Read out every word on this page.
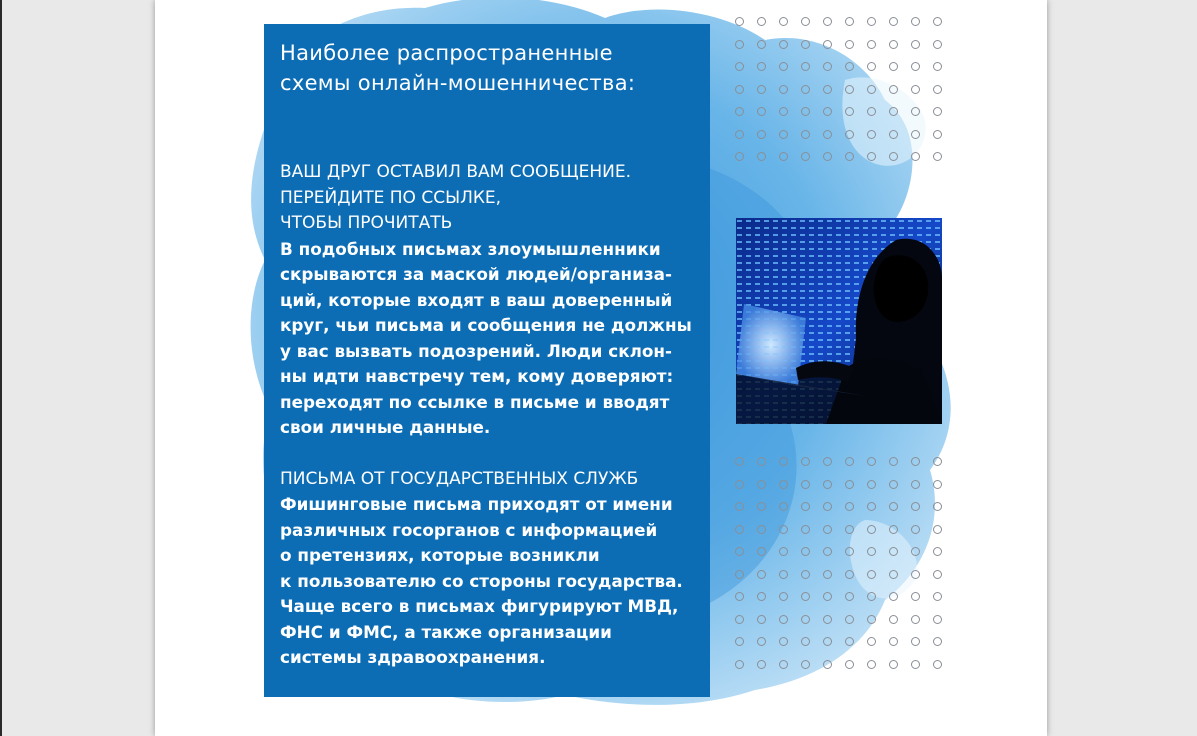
Наиболее распространенные
схемы онлайн-мошенничества:

ВАШ ДРУГ ОСТАВИЛ ВАМ СООБЩЕНИЕ.
ПЕРЕЙДИТЕ ПО ССЫЛКЕ,
ЧТОБЫ ПРОЧИТАТЬ

В подобных письмах злоумышленники
скрываются за маской людей/организа-
ций, которые входят в ваш доверенный
круг, чьи письма и сообщения не должны
у вас вызвать подозрений. Люди склон-
ны идти навстречу тем, кому доверяют:
переходят по ссылке в письме и вводят
свои личные данные.

ПИСЬМА ОТ ГОСУДАРСТВЕННЫХ СЛУЖБ

Фишинговые письма приходят от имени
различных госорганов с информацией
о претензиях, которые возникли
к пользователю со стороны государства.
Чаще всего в письмах фигурируют МВД,
ФНС и ФМС, а также организации
системы здравоохранения.
